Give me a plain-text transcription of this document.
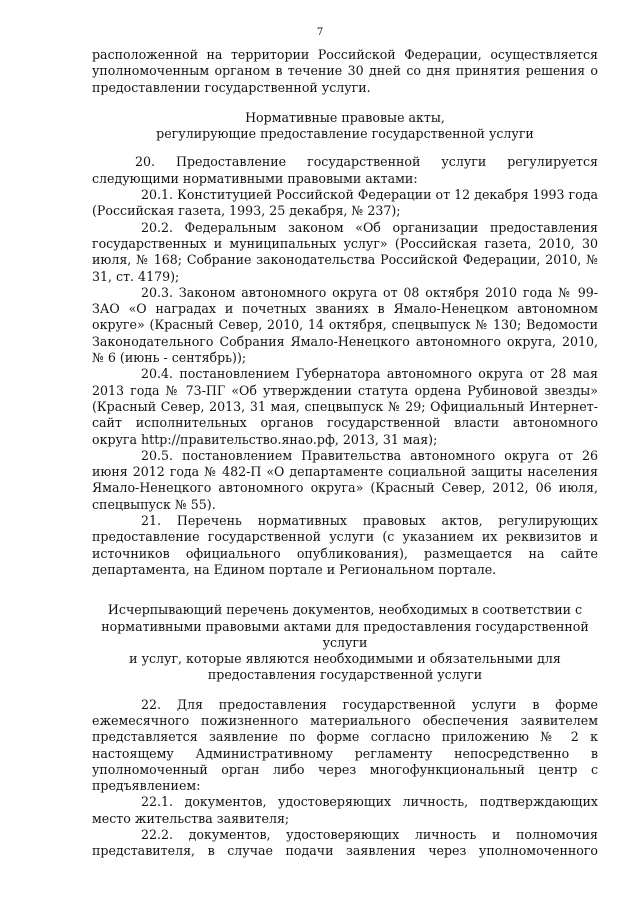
7

расположенной на территории Российской Федерации, осуществляется уполномоченным органом в течение 30 дней со дня принятия решения о предоставлении государственной услуги.

Нормативные правовые акты,

регулирующие предоставление государственной услуги

20. Предоставление государственной услуги регулируется следующими нормативными правовыми актами:

20.1. Конституцией Российской Федерации от 12 декабря 1993 года (Российская газета, 1993, 25 декабря, № 237);

20.2. Федеральным законом «Об организации предоставления государственных и муниципальных услуг» (Российская газета, 2010, 30 июля, № 168; Собрание законодательства Российской Федерации, 2010, № 31, ст. 4179);

20.3. Законом автономного округа от 08 октября 2010 года № 99-ЗАО «О наградах и почетных званиях в Ямало-Ненецком автономном округе» (Красный Север, 2010, 14 октября, спецвыпуск № 130; Ведомости Законодательного Собрания Ямало-Ненецкого автономного округа, 2010, № 6 (июнь - сентябрь));

20.4. постановлением Губернатора автономного округа от 28 мая 2013 года № 73-ПГ «Об утверждении статута ордена Рубиновой звезды» (Красный Север, 2013, 31 мая, спецвыпуск № 29; Официальный Интернет-сайт исполнительных органов государственной власти автономного округа http://правительство.янао.рф, 2013, 31 мая);

20.5. постановлением Правительства автономного округа от 26 июня 2012 года № 482-П «О департаменте социальной защиты населения Ямало-Ненецкого автономного округа» (Красный Север, 2012, 06 июля, спецвыпуск № 55).

21. Перечень нормативных правовых актов, регулирующих предоставление государственной услуги (с указанием их реквизитов и источников официального опубликования), размещается на сайте департамента, на Едином портале и Региональном портале.

Исчерпывающий перечень документов, необходимых в соответствии с

нормативными правовыми актами для предоставления государственной услуги

и услуг, которые являются необходимыми и обязательными для

предоставления государственной услуги

22. Для предоставления государственной услуги в форме ежемесячного пожизненного материального обеспечения заявителем представляется заявление по форме согласно приложению № 2 к настоящему Административному регламенту непосредственно в уполномоченный орган либо через многофункциональный центр с предъявлением:

22.1. документов, удостоверяющих личность, подтверждающих место жительства заявителя;

22.2. документов, удостоверяющих личность и полномочия представителя, в случае подачи заявления через уполномоченного
